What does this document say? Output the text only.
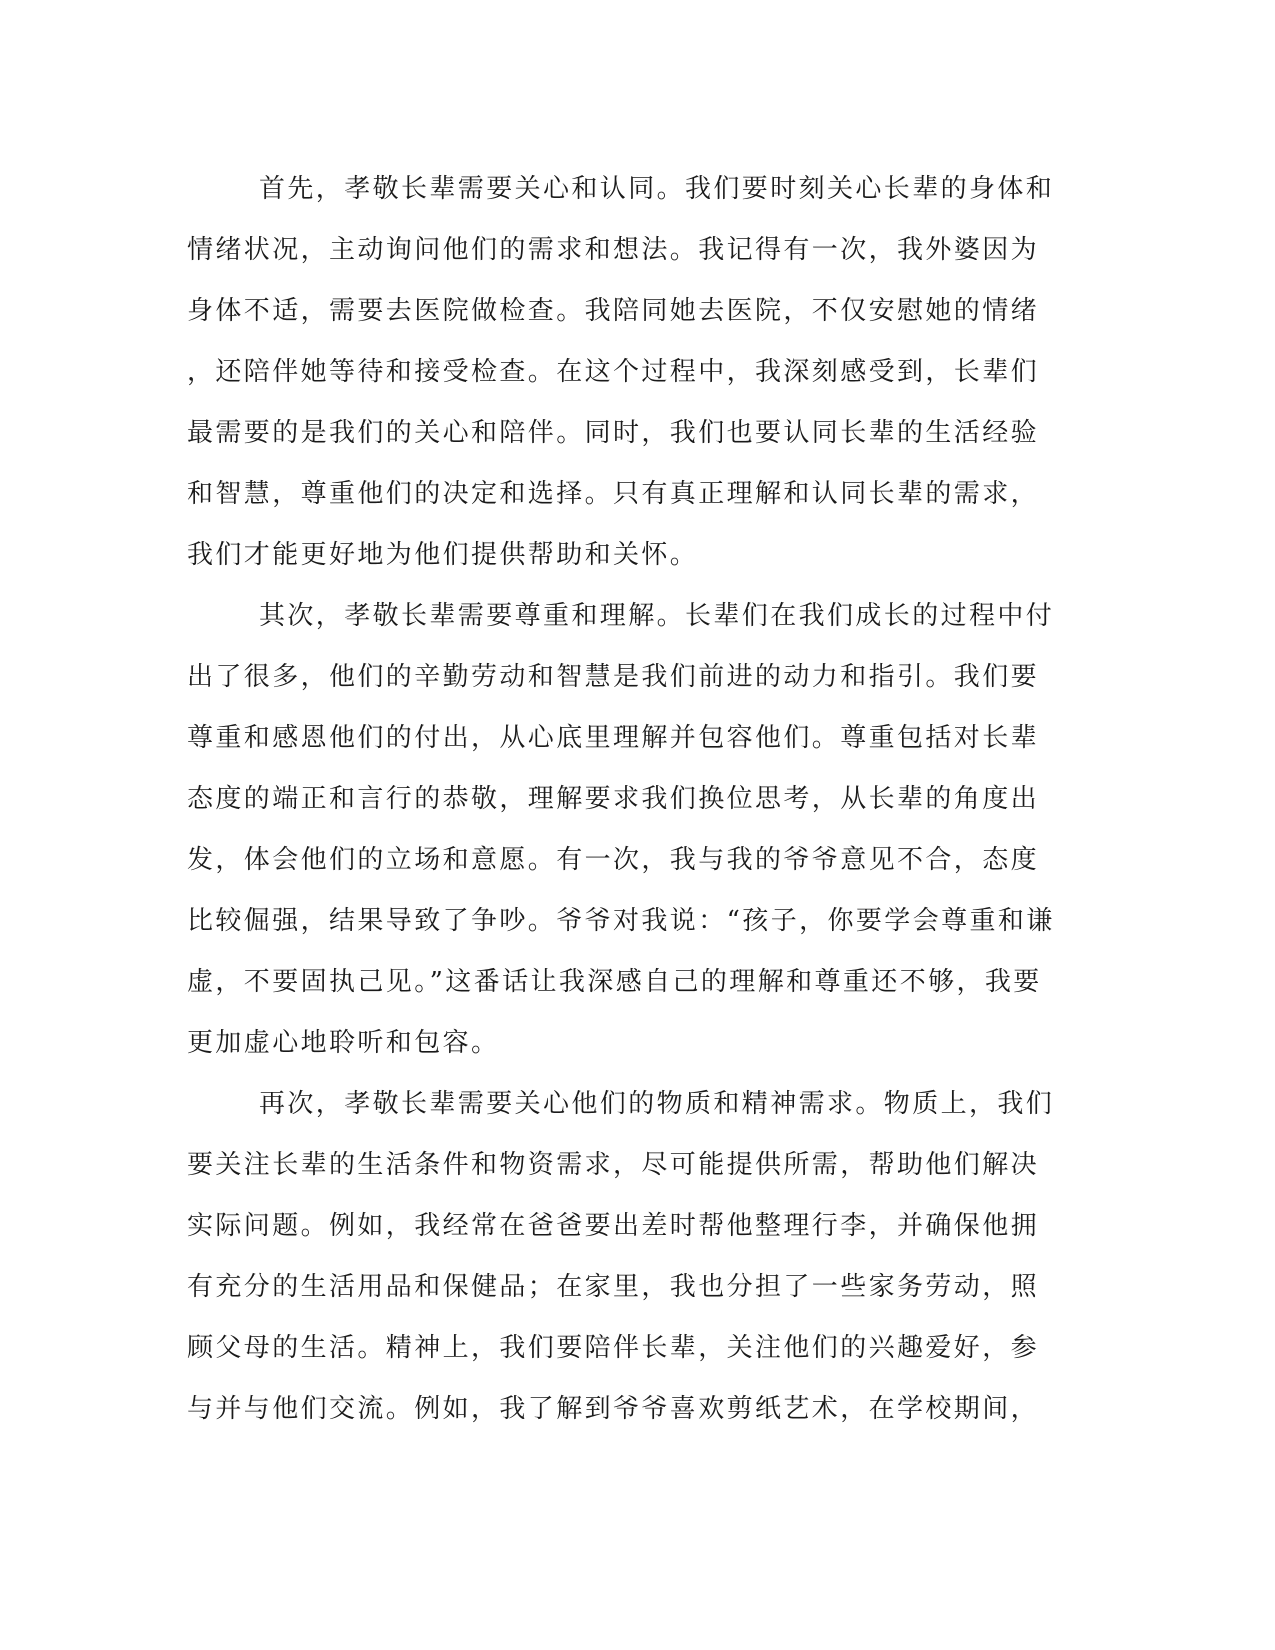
首先，孝敬长辈需要关心和认同。我们要时刻关心长辈的身体和
情绪状况，主动询问他们的需求和想法。我记得有一次，我外婆因为
身体不适，需要去医院做检查。我陪同她去医院，不仅安慰她的情绪
，还陪伴她等待和接受检查。在这个过程中，我深刻感受到，长辈们
最需要的是我们的关心和陪伴。同时，我们也要认同长辈的生活经验
和智慧，尊重他们的决定和选择。只有真正理解和认同长辈的需求，
我们才能更好地为他们提供帮助和关怀。

其次，孝敬长辈需要尊重和理解。长辈们在我们成长的过程中付
出了很多，他们的辛勤劳动和智慧是我们前进的动力和指引。我们要
尊重和感恩他们的付出，从心底里理解并包容他们。尊重包括对长辈
态度的端正和言行的恭敬，理解要求我们换位思考，从长辈的角度出
发，体会他们的立场和意愿。有一次，我与我的爷爷意见不合，态度
比较倔强，结果导致了争吵。爷爷对我说：“孩子，你要学会尊重和谦
虚，不要固执己见。”这番话让我深感自己的理解和尊重还不够，我要
更加虚心地聆听和包容。

再次，孝敬长辈需要关心他们的物质和精神需求。物质上，我们
要关注长辈的生活条件和物资需求，尽可能提供所需，帮助他们解决
实际问题。例如，我经常在爸爸要出差时帮他整理行李，并确保他拥
有充分的生活用品和保健品；在家里，我也分担了一些家务劳动，照
顾父母的生活。精神上，我们要陪伴长辈，关注他们的兴趣爱好，参
与并与他们交流。例如，我了解到爷爷喜欢剪纸艺术，在学校期间，
